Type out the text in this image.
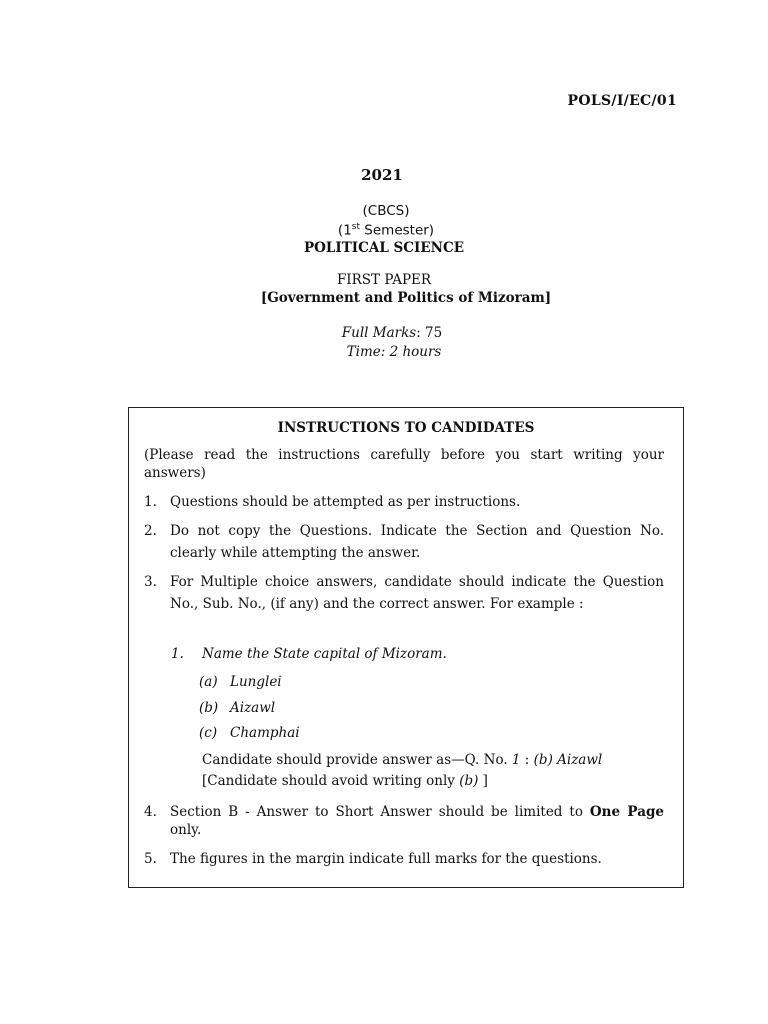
POLS/I/EC/01
2021
(CBCS)
(1st Semester)
POLITICAL SCIENCE
FIRST PAPER
[Government and Politics of Mizoram]
Full Marks: 75
Time: 2 hours
INSTRUCTIONS TO CANDIDATES
(Please read the instructions carefully before you start writing your answers)
1. Questions should be attempted as per instructions.
2. Do not copy the Questions. Indicate the Section and Question No. clearly while attempting the answer.
3. For Multiple choice answers, candidate should indicate the Question No., Sub. No., (if any) and the correct answer. For example :
1. Name the State capital of Mizoram.
(a) Lunglei
(b) Aizawl
(c) Champhai
Candidate should provide answer as—Q. No. 1 : (b) Aizawl
[Candidate should avoid writing only (b) ]
4. Section B - Answer to Short Answer should be limited to One Page only.
5. The figures in the margin indicate full marks for the questions.
